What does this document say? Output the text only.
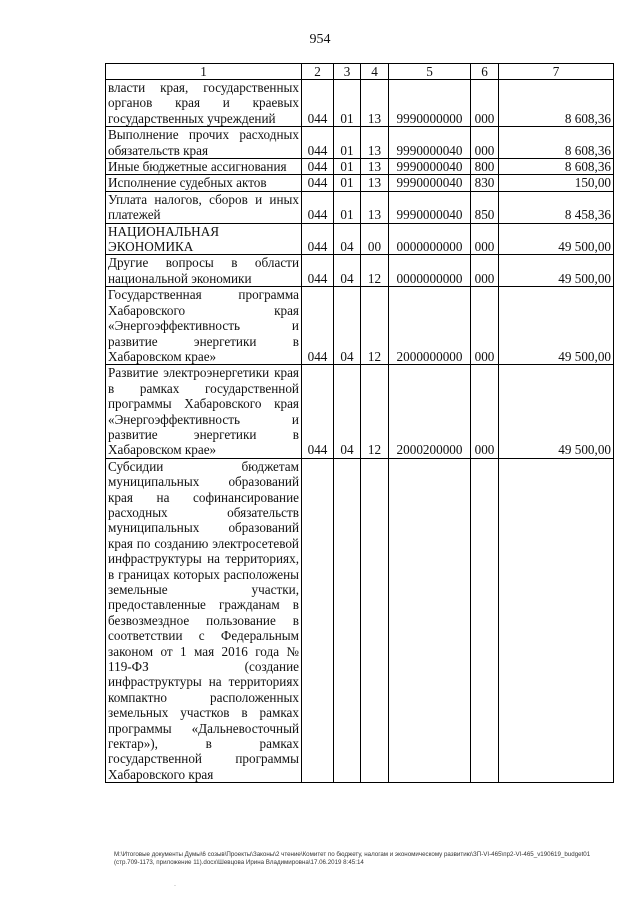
954
1	2	3	4	5	6	7
власти края, государственных органов края и краевых государственных учреждений	044	01	13	9990000000	000	8 608,36
Выполнение прочих расходных обязательств края	044	01	13	9990000040	000	8 608,36
Иные бюджетные ассигнования	044	01	13	9990000040	800	8 608,36
Исполнение судебных актов	044	01	13	9990000040	830	150,00
Уплата налогов, сборов и иных платежей	044	01	13	9990000040	850	8 458,36
НАЦИОНАЛЬНАЯ ЭКОНОМИКА	044	04	00	0000000000	000	49 500,00
Другие вопросы в области национальной экономики	044	04	12	0000000000	000	49 500,00
Государственная программа Хабаровского края «Энергоэффективность и развитие энергетики в Хабаровском крае»	044	04	12	2000000000	000	49 500,00
Развитие электроэнергетики края в рамках государственной программы Хабаровского края «Энергоэффективность и развитие энергетики в Хабаровском крае»	044	04	12	2000200000	000	49 500,00
Субсидии бюджетам муниципальных образований края на софинансирование расходных обязательств муниципальных образований края по созданию электросетевой инфраструктуры на территориях, в границах которых расположены земельные участки, предоставленные гражданам в безвозмездное пользование в соответствии с Федеральным законом от 1 мая 2016 года № 119-ФЗ (создание инфраструктуры на территориях компактно расположенных земельных участков в рамках программы «Дальневосточный гектар»), в рамках государственной программы Хабаровского края						
М:\Итоговые документы Думы\6 созыв\Проекты\Законы\2 чтение\Комитет по бюджету, налогам и экономическому развитию\ЗП-VI-465\пр2-VI-465_v190619_budget01 (стр.709-1173, приложение 11).docx\Шевцова Ирина Владимировна\17.06.2019 8:45:14
·
